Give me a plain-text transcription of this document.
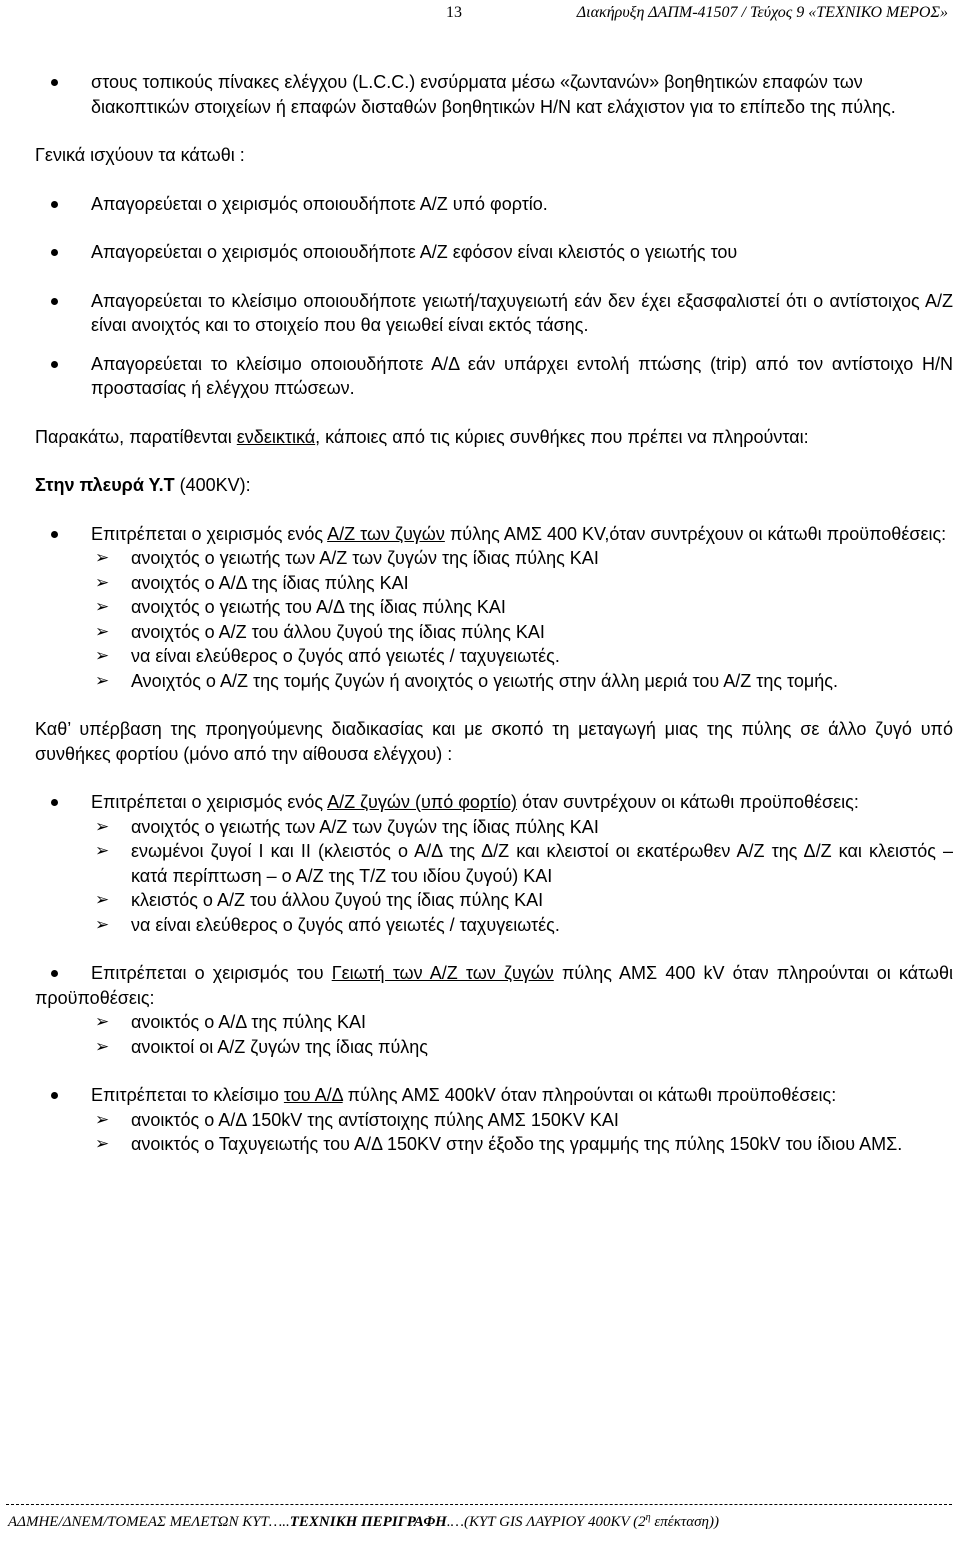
13	Διακήρυξη ΔΑΠΜ-41507 / Τεύχος 9 «ΤΕΧΝΙΚΟ ΜΕΡΟΣ»

στους τοπικούς πίνακες ελέγχου (L.C.C.) ενσύρματα μέσω «ζωντανών» βοηθητικών επαφών των διακοπτικών στοιχείων ή επαφών δισταθών βοηθητικών Η/Ν κατ ελάχιστον για το επίπεδο της πύλης.

Γενικά ισχύουν τα κάτωθι :

Απαγορεύεται ο χειρισμός οποιουδήποτε Α/Ζ υπό φορτίο.

Απαγορεύεται ο χειρισμός οποιουδήποτε Α/Ζ εφόσον είναι κλειστός ο γειωτής του

Απαγορεύεται το κλείσιμο οποιουδήποτε γειωτή/ταχυγειωτή εάν δεν έχει εξασφαλιστεί ότι ο αντίστοιχος Α/Ζ είναι ανοιχτός και το στοιχείο που θα γειωθεί είναι εκτός τάσης.

Απαγορεύεται το κλείσιμο οποιουδήποτε Α/Δ εάν υπάρχει εντολή πτώσης (trip) από τον αντίστοιχο Η/Ν προστασίας ή ελέγχου πτώσεων.

Παρακάτω, παρατίθενται ενδεικτικά, κάποιες από τις κύριες συνθήκες που πρέπει να πληρούνται:

Στην πλευρά Υ.Τ (400KV):

Επιτρέπεται ο χειρισμός ενός Α/Ζ των ζυγών πύλης ΑΜΣ 400 KV,όταν συντρέχουν οι κάτωθι προϋποθέσεις:

➢ ανοιχτός ο γειωτής των Α/Ζ των ζυγών της ίδιας πύλης ΚΑΙ
➢ ανοιχτός ο Α/Δ της ίδιας πύλης ΚΑΙ
➢ ανοιχτός ο γειωτής του Α/Δ της ίδιας πύλης ΚΑΙ
➢ ανοιχτός ο Α/Ζ του άλλου ζυγού της ίδιας πύλης ΚΑΙ
➢ να είναι ελεύθερος ο ζυγός από γειωτές / ταχυγειωτές.
➢ Ανοιχτός ο Α/Ζ της τομής ζυγών ή ανοιχτός ο γειωτής στην άλλη μεριά του Α/Ζ της τομής.

Καθ’ υπέρβαση της προηγούμενης διαδικασίας και με σκοπό τη μεταγωγή μιας της πύλης σε άλλο ζυγό υπό συνθήκες φορτίου (μόνο από την αίθουσα ελέγχου) :

Επιτρέπεται ο χειρισμός ενός Α/Ζ ζυγών (υπό φορτίο) όταν συντρέχουν οι κάτωθι προϋποθέσεις:

➢ ανοιχτός ο γειωτής των Α/Ζ των ζυγών της ίδιας πύλης ΚΑΙ
➢ ενωμένοι ζυγοί Ι και ΙΙ (κλειστός ο Α/Δ της Δ/Ζ και κλειστοί οι εκατέρωθεν Α/Ζ της Δ/Ζ και κλειστός – κατά περίπτωση – ο Α/Ζ της Τ/Ζ του ιδίου ζυγού) ΚΑΙ
➢ κλειστός ο Α/Ζ του άλλου ζυγού της ίδιας πύλης ΚΑΙ
➢ να είναι ελεύθερος ο ζυγός από γειωτές / ταχυγειωτές.

Επιτρέπεται ο χειρισμός του Γειωτή των Α/Ζ των ζυγών πύλης ΑΜΣ 400 kV όταν πληρούνται οι κάτωθι προϋποθέσεις:

➢ ανοικτός ο Α/Δ της πύλης ΚΑΙ
➢ ανοικτοί οι Α/Ζ ζυγών της ίδιας πύλης

Επιτρέπεται το κλείσιμο του Α/Δ πύλης ΑΜΣ 400kV όταν πληρούνται οι κάτωθι προϋποθέσεις:

➢ ανοικτός ο Α/Δ 150kV της αντίστοιχης πύλης ΑΜΣ 150KV ΚΑΙ
➢ ανοικτός ο Ταχυγειωτής του Α/Δ 150KV στην έξοδο της γραμμής της πύλης 150kV του ίδιου ΑΜΣ.
ΑΔΜΗΕ/ΔΝΕΜ/ΤΟΜΕΑΣ ΜΕΛΕΤΩΝ ΚΥΤ…..ΤΕΧΝΙΚΗ ΠΕΡΙΓΡΑΦΗ.…(ΚΥΤ GIS ΛΑΥΡΙΟΥ 400KV ($2^\eta$ επέκταση))
